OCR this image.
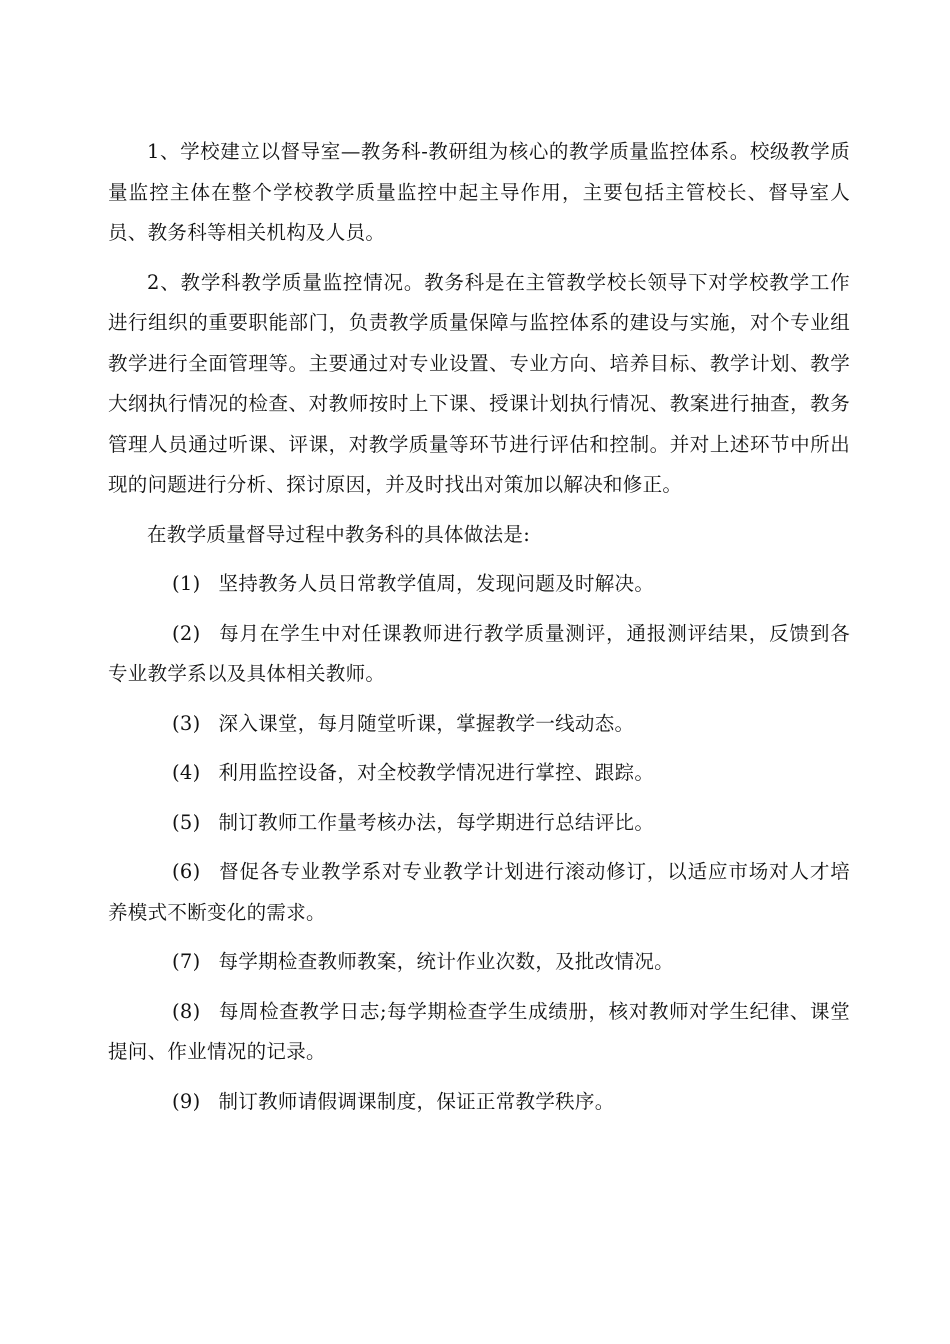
1、学校建立以督导室—教务科-教研组为核心的教学质量监控体系。校级教学质量监控主体在整个学校教学质量监控中起主导作用，主要包括主管校长、督导室人员、教务科等相关机构及人员。

2、教学科教学质量监控情况。教务科是在主管教学校长领导下对学校教学工作进行组织的重要职能部门，负责教学质量保障与监控体系的建设与实施，对个专业组教学进行全面管理等。主要通过对专业设置、专业方向、培养目标、教学计划、教学大纲执行情况的检查、对教师按时上下课、授课计划执行情况、教案进行抽查，教务管理人员通过听课、评课，对教学质量等环节进行评估和控制。并对上述环节中所出现的问题进行分析、探讨原因，并及时找出对策加以解决和修正。

在教学质量督导过程中教务科的具体做法是:

(1) 坚持教务人员日常教学值周，发现问题及时解决。

(2) 每月在学生中对任课教师进行教学质量测评，通报测评结果，反馈到各专业教学系以及具体相关教师。

(3) 深入课堂，每月随堂听课，掌握教学一线动态。

(4) 利用监控设备，对全校教学情况进行掌控、跟踪。

(5) 制订教师工作量考核办法，每学期进行总结评比。

(6) 督促各专业教学系对专业教学计划进行滚动修订，以适应市场对人才培养模式不断变化的需求。

(7) 每学期检查教师教案，统计作业次数，及批改情况。

(8) 每周检查教学日志;每学期检查学生成绩册，核对教师对学生纪律、课堂提问、作业情况的记录。

(9) 制订教师请假调课制度，保证正常教学秩序。
